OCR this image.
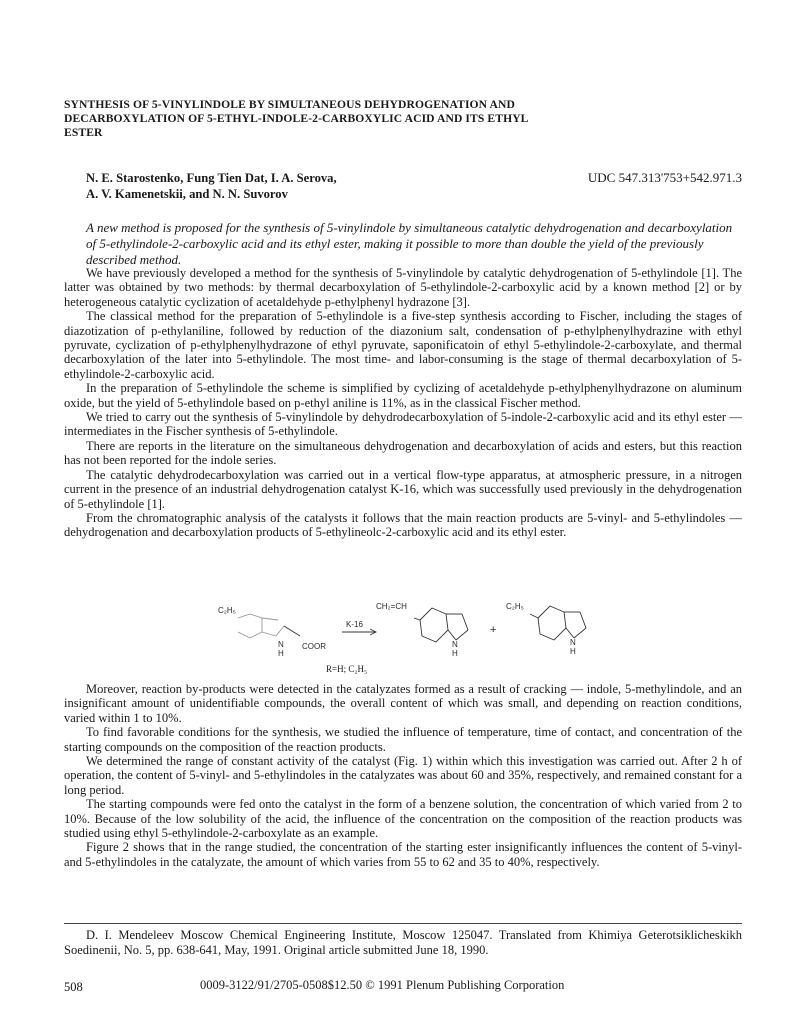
SYNTHESIS OF 5-VINYLINDOLE BY SIMULTANEOUS DEHYDROGENATION AND DECARBOXYLATION OF 5-ETHYL-INDOLE-2-CARBOXYLIC ACID AND ITS ETHYL ESTER
N. E. Starostenko, Fung Tien Dat, I. A. Serova,
A. V. Kamenetskii, and N. N. Suvorov
UDC 547.313'753+542.971.3
A new method is proposed for the synthesis of 5-vinylindole by simultaneous catalytic dehydrogenation and decarboxylation of 5-ethylindole-2-carboxylic acid and its ethyl ester, making it possible to more than double the yield of the previously described method.

We have previously developed a method for the synthesis of 5-vinylindole by catalytic dehydrogenation of 5-ethylindole [1]. The latter was obtained by two methods: by thermal decarboxylation of 5-ethylindole-2-carboxylic acid by a known method [2] or by heterogeneous catalytic cyclization of acetaldehyde p-ethylphenyl hydrazone [3].

The classical method for the preparation of 5-ethylindole is a five-step synthesis according to Fischer, including the stages of diazotization of p-ethylaniline, followed by reduction of the diazonium salt, condensation of p-ethylphenylhydrazine with ethyl pyruvate, cyclization of p-ethylphenylhydrazone of ethyl pyruvate, saponificatoin of ethyl 5-ethylindole-2-carboxylate, and thermal decarboxylation of the later into 5-ethylindole. The most time- and labor-consuming is the stage of thermal decarboxylation of 5-ethylindole-2-carboxylic acid.

In the preparation of 5-ethylindole the scheme is simplified by cyclizing of acetaldehyde p-ethylphenylhydrazone on aluminum oxide, but the yield of 5-ethylindole based on p-ethyl aniline is 11%, as in the classical Fischer method.

We tried to carry out the synthesis of 5-vinylindole by dehydrodecarboxylation of 5-indole-2-carboxylic acid and its ethyl ester — intermediates in the Fischer synthesis of 5-ethylindole.

There are reports in the literature on the simultaneous dehydrogenation and decarboxylation of acids and esters, but this reaction has not been reported for the indole series.

The catalytic dehydrodecarboxylation was carried out in a vertical flow-type apparatus, at atmospheric pressure, in a nitrogen current in the presence of an industrial dehydrogenation catalyst K-16, which was successfully used previously in the dehydrogenation of 5-ethylindole [1].

From the chromatographic analysis of the catalysts it follows that the main reaction products are 5-vinyl- and 5-ethylindoles — dehydrogenation and decarboxylation products of 5-ethylineolc-2-carboxylic acid and its ethyl ester.

C₂H₅
N
H
COOR
K-16
CH₂=CH
N
H
+
C₂H₅
N
H
R=H; C₂H₅

Moreover, reaction by-products were detected in the catalyzates formed as a result of cracking — indole, 5-methylindole, and an insignificant amount of unidentifiable compounds, the overall content of which was small, and depending on reaction conditions, varied within 1 to 10%.

To find favorable conditions for the synthesis, we studied the influence of temperature, time of contact, and concentration of the starting compounds on the composition of the reaction products.

We determined the range of constant activity of the catalyst (Fig. 1) within which this investigation was carried out. After 2 h of operation, the content of 5-vinyl- and 5-ethylindoles in the catalyzates was about 60 and 35%, respectively, and remained constant for a long period.

The starting compounds were fed onto the catalyst in the form of a benzene solution, the concentration of which varied from 2 to 10%. Because of the low solubility of the acid, the influence of the concentration on the composition of the reaction products was studied using ethyl 5-ethylindole-2-carboxylate as an example.

Figure 2 shows that in the range studied, the concentration of the starting ester insignificantly influences the content of 5-vinyl- and 5-ethylindoles in the catalyzate, the amount of which varies from 55 to 62 and 35 to 40%, respectively.

D. I. Mendeleev Moscow Chemical Engineering Institute, Moscow 125047. Translated from Khimiya Geterotsiklicheskikh Soedinenii, No. 5, pp. 638-641, May, 1991. Original article submitted June 18, 1990.
508	0009-3122/91/2705-0508$12.50 © 1991 Plenum Publishing Corporation
